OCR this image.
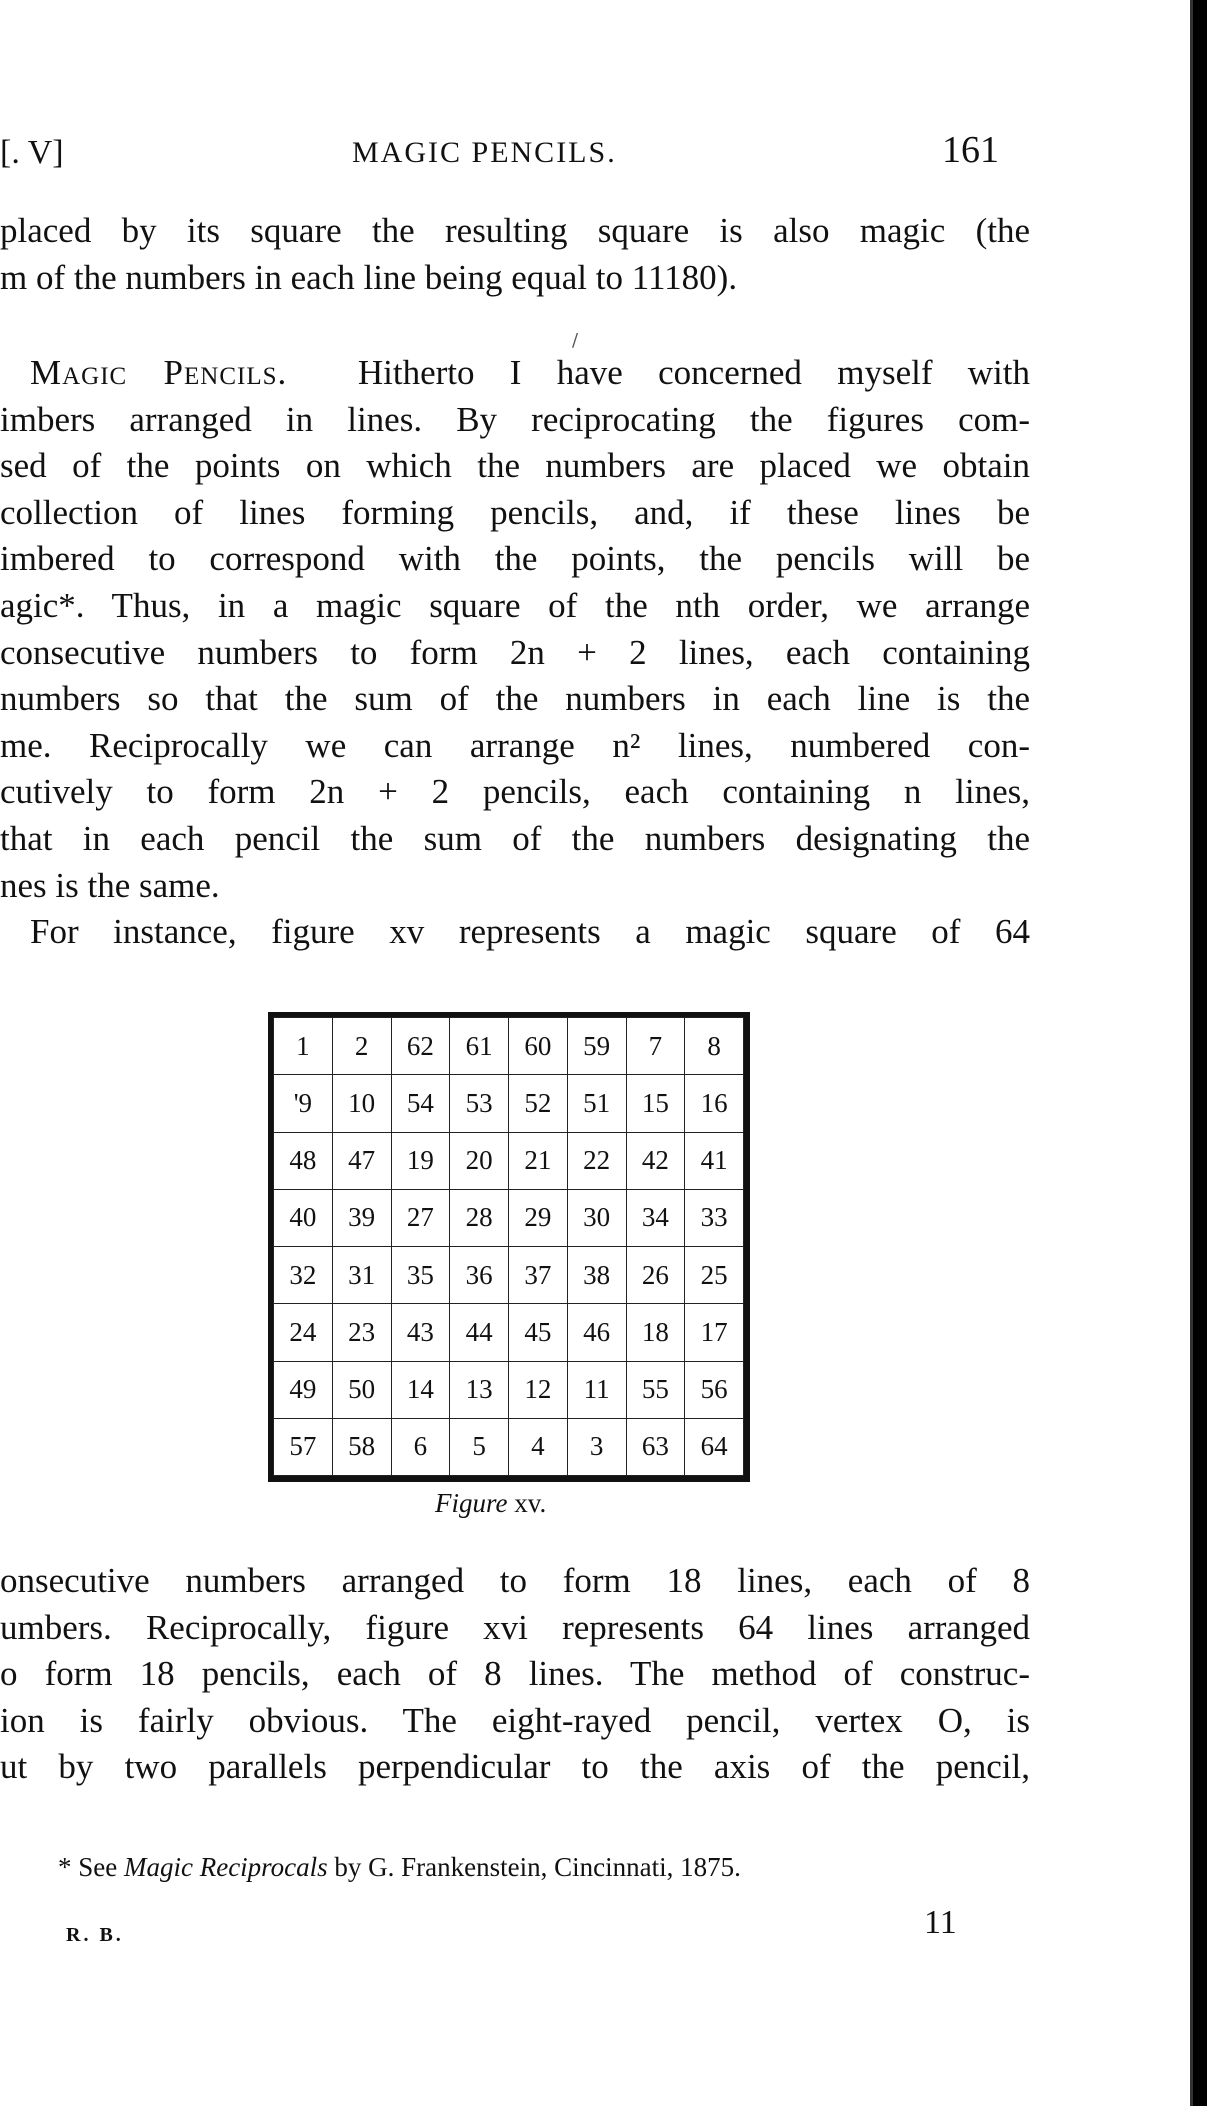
[. V]	MAGIC PENCILS.	161
placed by its square the resulting square is also magic (the
m of the numbers in each line being equal to 11180).
/
Magic Pencils. Hitherto I have concerned myself with
imbers arranged in lines. By reciprocating the figures com-
sed of the points on which the numbers are placed we obtain
collection of lines forming pencils, and, if these lines be
imbered to correspond with the points, the pencils will be
agic*. Thus, in a magic square of the nth order, we arrange
consecutive numbers to form 2n + 2 lines, each containing
numbers so that the sum of the numbers in each line is the
me. Reciprocally we can arrange n² lines, numbered con-
cutively to form 2n + 2 pencils, each containing n lines,
that in each pencil the sum of the numbers designating the
nes is the same.
For instance, figure xv represents a magic square of 64
1	2	62	61	60	59	7	8
'9	10	54	53	52	51	15	16
48	47	19	20	21	22	42	41
40	39	27	28	29	30	34	33
32	31	35	36	37	38	26	25
24	23	43	44	45	46	18	17
49	50	14	13	12	11	55	56
57	58	6	5	4	3	63	64
Figure xv.
onsecutive numbers arranged to form 18 lines, each of 8
umbers. Reciprocally, figure xvi represents 64 lines arranged
o form 18 pencils, each of 8 lines. The method of construc-
ion is fairly obvious. The eight-rayed pencil, vertex O, is
ut by two parallels perpendicular to the axis of the pencil,
* See Magic Reciprocals by G. Frankenstein, Cincinnati, 1875.
R. B.	11
